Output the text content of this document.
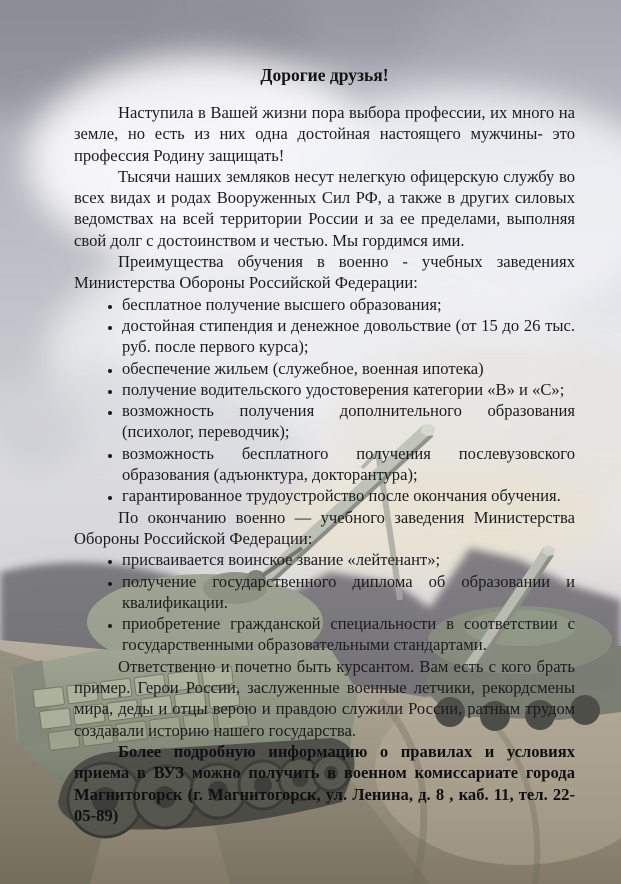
Дорогие друзья!

Наступила в Вашей жизни пора выбора профессии, их много на земле, но есть из них одна достойная настоящего мужчины- это профессия Родину защищать!

Тысячи наших земляков несут нелегкую офицерскую службу во всех видах и родах Вооруженных Сил РФ, а также в других силовых ведомствах на всей территории России и за ее пределами, выполняя свой долг с достоинством и честью. Мы гордимся ими.

Преимущества обучения в военно - учебных заведениях Министерства Обороны Российской Федерации:

• бесплатное получение высшего образования;
• достойная стипендия и денежное довольствие (от 15 до 26 тыс. руб. после первого курса);
• обеспечение жильем (служебное, военная ипотека)
• получение водительского удостоверения категории «В» и «С»;
• возможность получения дополнительного образования (психолог, переводчик);
• возможность бесплатного получения послевузовского образования (адъюнктура, докторантура);
• гарантированное трудоустройство после окончания обучения.

По окончанию военно — учебного заведения Министерства Обороны Российской Федерации:

• присваивается воинское звание «лейтенант»;
• получение государственного диплома об образовании и квалификации.
• приобретение гражданской специальности в соответствии с государственными образовательными стандартами.

Ответственно и почетно быть курсантом. Вам есть с кого брать пример. Герои России, заслуженные военные летчики, рекордсмены мира, деды и отцы верою и правдою служили России, ратным трудом создавали историю нашего государства.

Более подробную информацию о правилах и условиях приема в ВУЗ можно получить в военном комиссариате города Магнитогорск (г. Магнитогорск, ул. Ленина, д. 8 , каб. 11, тел. 22-05-89)
